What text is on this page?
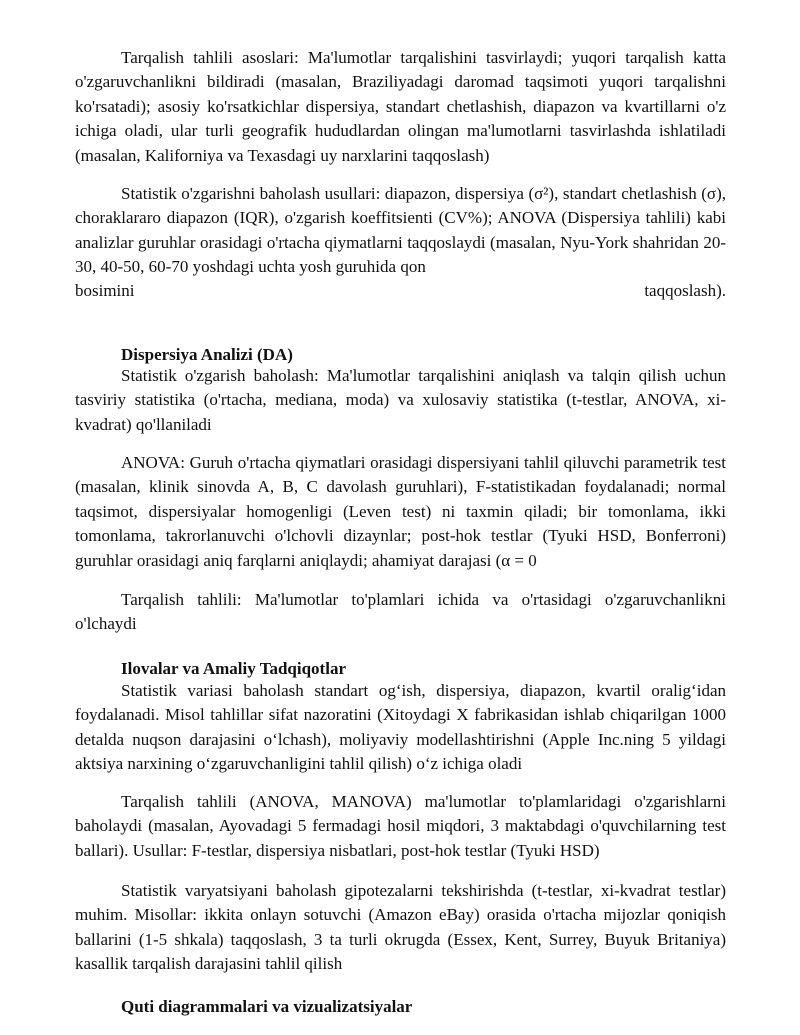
Tarqalish tahlili asoslari: Ma'lumotlar tarqalishini tasvirlaydi; yuqori tarqalish katta o'zgaruvchanlikni bildiradi (masalan, Braziliyadagi daromad taqsimoti yuqori tarqalishni ko'rsatadi); asosiy ko'rsatkichlar dispersiya, standart chetlashish, diapazon va kvartillarni o'z ichiga oladi, ular turli geografik hududlardan olingan ma'lumotlarni tasvirlashda ishlatiladi (masalan, Kaliforniya va Texasdagi uy narxlarini taqqoslash)

Statistik o'zgarishni baholash usullari: diapazon, dispersiya (σ²), standart chetlashish (σ), choraklararo diapazon (IQR), o'zgarish koeffitsienti (CV%); ANOVA (Dispersiya tahlili) kabi analizlar guruhlar orasidagi o'rtacha qiymatlarni taqqoslaydi (masalan, Nyu-York shahridan 20-30, 40-50, 60-70 yoshdagi uchta yosh guruhida qon

bosimini	taqqoslash).
Dispersiya Analizi (DA)

Statistik o'zgarish baholash: Ma'lumotlar tarqalishini aniqlash va talqin qilish uchun tasviriy statistika (o'rtacha, mediana, moda) va xulosaviy statistika (t-testlar, ANOVA, xi-kvadrat) qo'llaniladi

ANOVA: Guruh o'rtacha qiymatlari orasidagi dispersiyani tahlil qiluvchi parametrik test (masalan, klinik sinovda A, B, C davolash guruhlari), F-statistikadan foydalanadi; normal taqsimot, dispersiyalar homogenligi (Leven test) ni taxmin qiladi; bir tomonlama, ikki tomonlama, takrorlanuvchi o'lchovli dizaynlar; post-hok testlar (Tyuki HSD, Bonferroni) guruhlar orasidagi aniq farqlarni aniqlaydi; ahamiyat darajasi (α = 0

Tarqalish tahlili: Ma'lumotlar to'plamlari ichida va o'rtasidagi o'zgaruvchanlikni o'lchaydi

Ilovalar va Amaliy Tadqiqotlar

Statistik variasi baholash standart og‘ish, dispersiya, diapazon, kvartil oralig‘idan foydalanadi. Misol tahlillar sifat nazoratini (Xitoydagi X fabrikasidan ishlab chiqarilgan 1000 detalda nuqson darajasini o‘lchash), moliyaviy modellashtirishni (Apple Inc.ning 5 yildagi aktsiya narxining o‘zgaruvchanligini tahlil qilish) o‘z ichiga oladi

Tarqalish tahlili (ANOVA, MANOVA) ma'lumotlar to'plamlaridagi o'zgarishlarni baholaydi (masalan, Ayovadagi 5 fermadagi hosil miqdori, 3 maktabdagi o'quvchilarning test ballari). Usullar: F-testlar, dispersiya nisbatlari, post-hok testlar (Tyuki HSD)

Statistik varyatsiyani baholash gipotezalarni tekshirishda (t-testlar, xi-kvadrat testlar) muhim. Misollar: ikkita onlayn sotuvchi (Amazon eBay) orasida o'rtacha mijozlar qoniqish ballarini (1-5 shkala) taqqoslash, 3 ta turli okrugda (Essex, Kent, Surrey, Buyuk Britaniya) kasallik tarqalish darajasini tahlil qilish

Quti diagrammalari va vizualizatsiyalar
